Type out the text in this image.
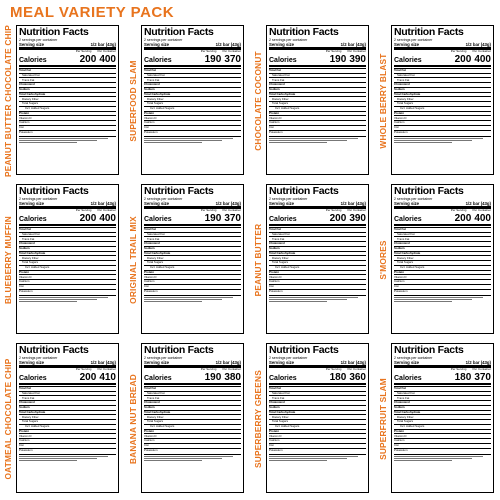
MEAL VARIETY PACK
PEANUT BUTTER CHOCOLATE CHIP Nutrition Facts
2 servings per container
Serving size	1/2 bar (43g)
Per Serving Per Container
Calories	200 400
Total Fat
Saturated Fat
Trans Fat
Cholesterol
Sodium
Total Carbohydrate
Dietary Fiber
Total Sugars
Incl. Added Sugars
Protein
Vitamin D
Calcium
Iron
Potassium	SUPERFOOD SLAM
Nutrition Facts
2 servings per container
Serving size	1/2 bar (43g)
Per Serving Per Container
Calories	190 370
Total Fat
Saturated Fat
Trans Fat
Cholesterol
Sodium
Total Carbohydrate
Dietary Fiber
Total Sugars
Incl. Added Sugars
Protein
Vitamin D
Calcium
Iron
Potassium	CHOCOLATE COCONUT
Nutrition Facts
2 servings per container
Serving size	1/2 bar (43g)
Per Serving Per Container
Calories	190 390
Total Fat
Saturated Fat
Trans Fat
Cholesterol
Sodium
Total Carbohydrate
Dietary Fiber
Total Sugars
Incl. Added Sugars
Protein
Vitamin D
Calcium
Iron
Potassium	WHOLE BERRY BLAST
Nutrition Facts
2 servings per container
Serving size	1/2 bar (43g)
Per Serving Per Container
Calories	200 400
Total Fat
Saturated Fat
Trans Fat
Cholesterol
Sodium
Total Carbohydrate
Dietary Fiber
Total Sugars
Incl. Added Sugars
Protein
Vitamin D
Calcium
Iron
Potassium
BLUEBERRY MUFFIN
Nutrition Facts
2 servings per container
Serving size	1/2 bar (43g)
Per Serving Per Container
Calories	200 400
Total Fat
Saturated Fat
Trans Fat
Cholesterol
Sodium
Total Carbohydrate
Dietary Fiber
Total Sugars
Incl. Added Sugars
Protein
Vitamin D
Calcium
Iron
Potassium	ORIGINAL TRAIL MIX
Nutrition Facts
2 servings per container
Serving size	1/2 bar (43g)
Per Serving Per Container
Calories	190 370
Total Fat
Saturated Fat
Trans Fat
Cholesterol
Sodium
Total Carbohydrate
Dietary Fiber
Total Sugars
Incl. Added Sugars
Protein
Vitamin D
Calcium
Iron
Potassium	PEANUT BUTTER
Nutrition Facts
2 servings per container
Serving size	1/2 bar (43g)
Per Serving Per Container
Calories	200 390
Total Fat
Saturated Fat
Trans Fat
Cholesterol
Sodium
Total Carbohydrate
Dietary Fiber
Total Sugars
Incl. Added Sugars
Protein
Vitamin D
Calcium
Iron
Potassium
S'MORES
Nutrition Facts
2 servings per container
Serving size	1/2 bar (43g)
Per Serving Per Container
Calories	200 400
Total Fat
Saturated Fat
Trans Fat
Cholesterol
Sodium
Total Carbohydrate
Dietary Fiber
Total Sugars
Incl. Added Sugars
Protein
Vitamin D
Calcium
Iron
Potassium
OATMEAL CHOCOLATE CHIP
Nutrition Facts
2 servings per container
Serving size	1/2 bar (43g)
Per Serving Per Container
Calories	200 410
Total Fat
Saturated Fat
Trans Fat
Cholesterol
Sodium
Total Carbohydrate
Dietary Fiber
Total Sugars
Incl. Added Sugars
Protein
Vitamin D
Calcium
Iron
Potassium	BANANA NUT BREAD
Nutrition Facts
2 servings per container
Serving size	1/2 bar (43g)
Per Serving Per Container
Calories	190 380
Total Fat
Saturated Fat
Trans Fat
Cholesterol
Sodium
Total Carbohydrate
Dietary Fiber
Total Sugars
Incl. Added Sugars
Protein
Vitamin D
Calcium
Iron
Potassium	SUPERBERRY GREENS
Nutrition Facts
2 servings per container
Serving size	1/2 bar (43g)
Per Serving Per Container
Calories	180 360
Total Fat
Saturated Fat
Trans Fat
Cholesterol
Sodium
Total Carbohydrate
Dietary Fiber
Total Sugars
Incl. Added Sugars
Protein
Vitamin D
Calcium
Iron
Potassium	SUPERFRUIT SLAM
Nutrition Facts
2 servings per container
Serving size	1/2 bar (43g)
Per Serving Per Container
Calories	180 370
Total Fat
Saturated Fat
Trans Fat
Cholesterol
Sodium
Total Carbohydrate
Dietary Fiber
Total Sugars
Incl. Added Sugars
Protein
Vitamin D
Calcium
Iron
Potassium
